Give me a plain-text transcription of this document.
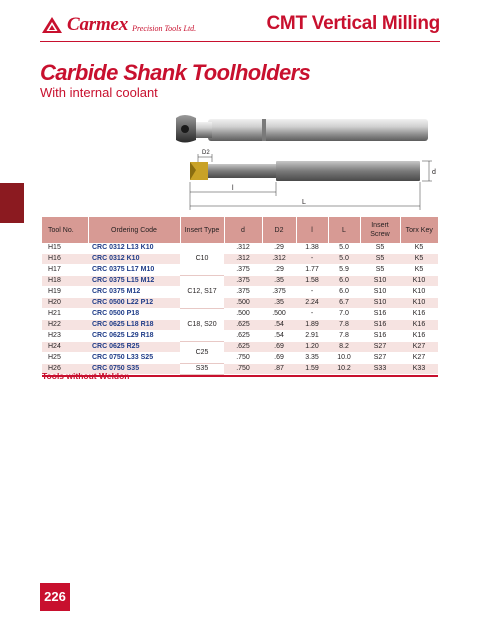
Carmex Precision Tools Ltd.	CMT Vertical Milling
Carbide Shank Toolholders
With internal coolant
D2
d
l
L
Tool No.	Ordering Code	Insert Type	d	D2	l	L	Insert Screw	Torx Key
H15	CRC 0312 L13 K10	C10	.312	.29	1.38	5.0	S5	K5
H16	CRC 0312 K10		.312	.312	-	5.0	S5	K5
H17	CRC 0375 L17 M10		.375	.29	1.77	5.9	S5	K5
H18	CRC 0375 L15 M12	C12, S17	.375	.35	1.58	6.0	S10	K10
H19	CRC 0375 M12		.375	.375	-	6.0	S10	K10
H20	CRC 0500 L22 P12		.500	.35	2.24	6.7	S10	K10
H21	CRC 0500 P18	C18, S20	.500	.500	-	7.0	S16	K16
H22	CRC 0625 L18 R18		.625	.54	1.89	7.8	S16	K16
H23	CRC 0625 L29 R18		.625	.54	2.91	7.8	S16	K16
H24	CRC 0625 R25	C25	.625	.69	1.20	8.2	S27	K27
H25	CRC 0750 L33 S25		.750	.69	3.35	10.0	S27	K27
H26	CRC 0750 S35	S35	.750	.87	1.59	10.2	S33	K33
Tools without Weldon
226
